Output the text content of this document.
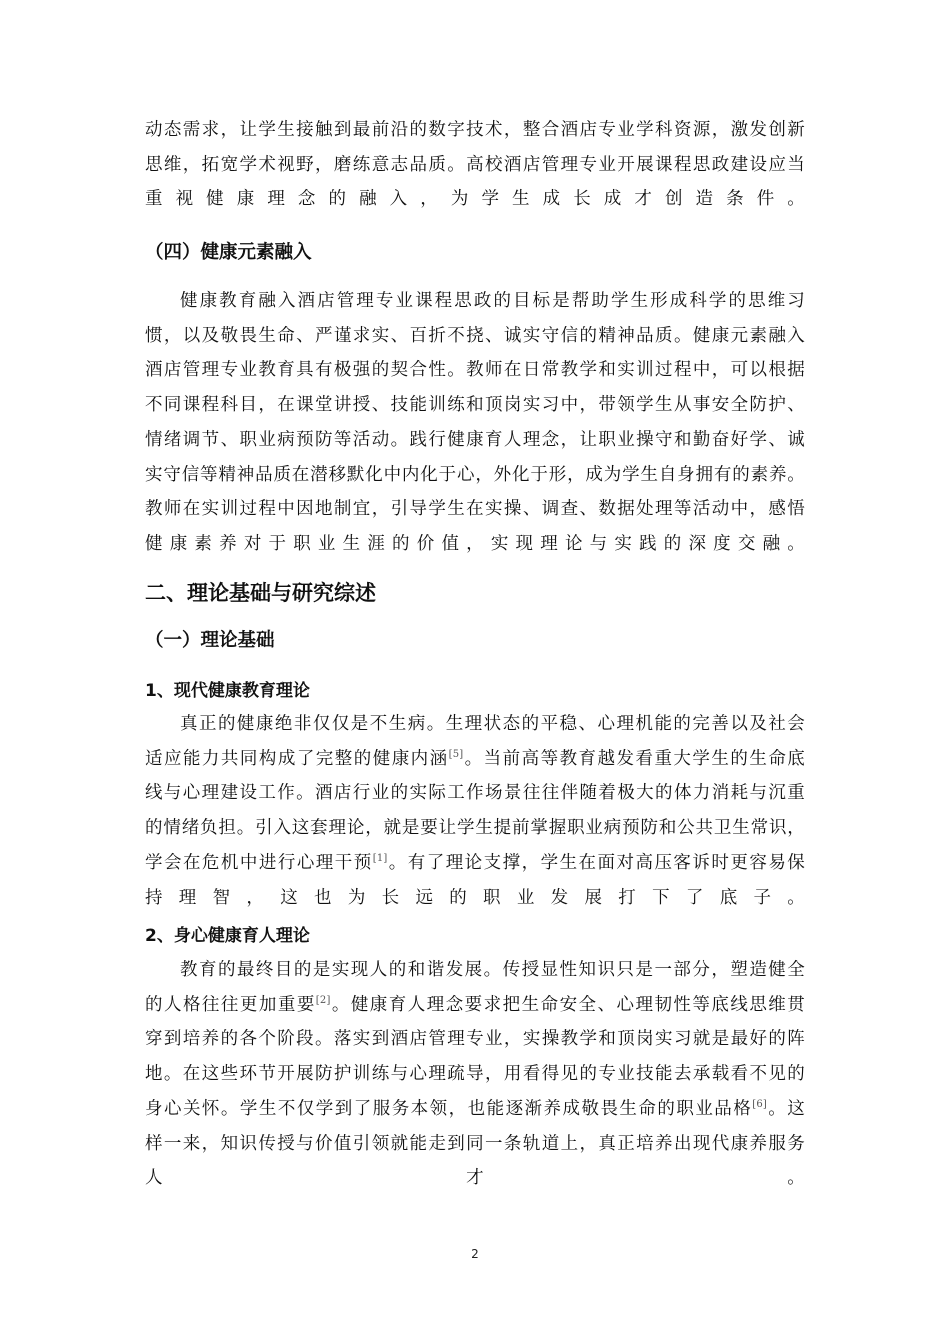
动态需求，让学生接触到最前沿的数字技术，整合酒店专业学科资源，激发创新
思维，拓宽学术视野，磨练意志品质。高校酒店管理专业开展课程思政建设应当
重视健康理念的融入，为学生成长成才创造条件。
（四）健康元素融入
健康教育融入酒店管理专业课程思政的目标是帮助学生形成科学的思维习
惯，以及敬畏生命、严谨求实、百折不挠、诚实守信的精神品质。健康元素融入
酒店管理专业教育具有极强的契合性。教师在日常教学和实训过程中，可以根据
不同课程科目，在课堂讲授、技能训练和顶岗实习中，带领学生从事安全防护、
情绪调节、职业病预防等活动。践行健康育人理念，让职业操守和勤奋好学、诚
实守信等精神品质在潜移默化中内化于心，外化于形，成为学生自身拥有的素养。
教师在实训过程中因地制宜，引导学生在实操、调查、数据处理等活动中，感悟
健康素养对于职业生涯的价值，实现理论与实践的深度交融。
二、理论基础与研究综述
（一）理论基础
1、现代健康教育理论
真正的健康绝非仅仅是不生病。生理状态的平稳、心理机能的完善以及社会
适应能力共同构成了完整的健康内涵[5]。当前高等教育越发看重大学生的生命底
线与心理建设工作。酒店行业的实际工作场景往往伴随着极大的体力消耗与沉重
的情绪负担。引入这套理论，就是要让学生提前掌握职业病预防和公共卫生常识，
学会在危机中进行心理干预[1]。有了理论支撑，学生在面对高压客诉时更容易保
持理智，这也为长远的职业发展打下了底子。
2、身心健康育人理论
教育的最终目的是实现人的和谐发展。传授显性知识只是一部分，塑造健全
的人格往往更加重要[2]。健康育人理念要求把生命安全、心理韧性等底线思维贯
穿到培养的各个阶段。落实到酒店管理专业，实操教学和顶岗实习就是最好的阵
地。在这些环节开展防护训练与心理疏导，用看得见的专业技能去承载看不见的
身心关怀。学生不仅学到了服务本领，也能逐渐养成敬畏生命的职业品格[6]。这
样一来，知识传授与价值引领就能走到同一条轨道上，真正培养出现代康养服务
人才。
2
